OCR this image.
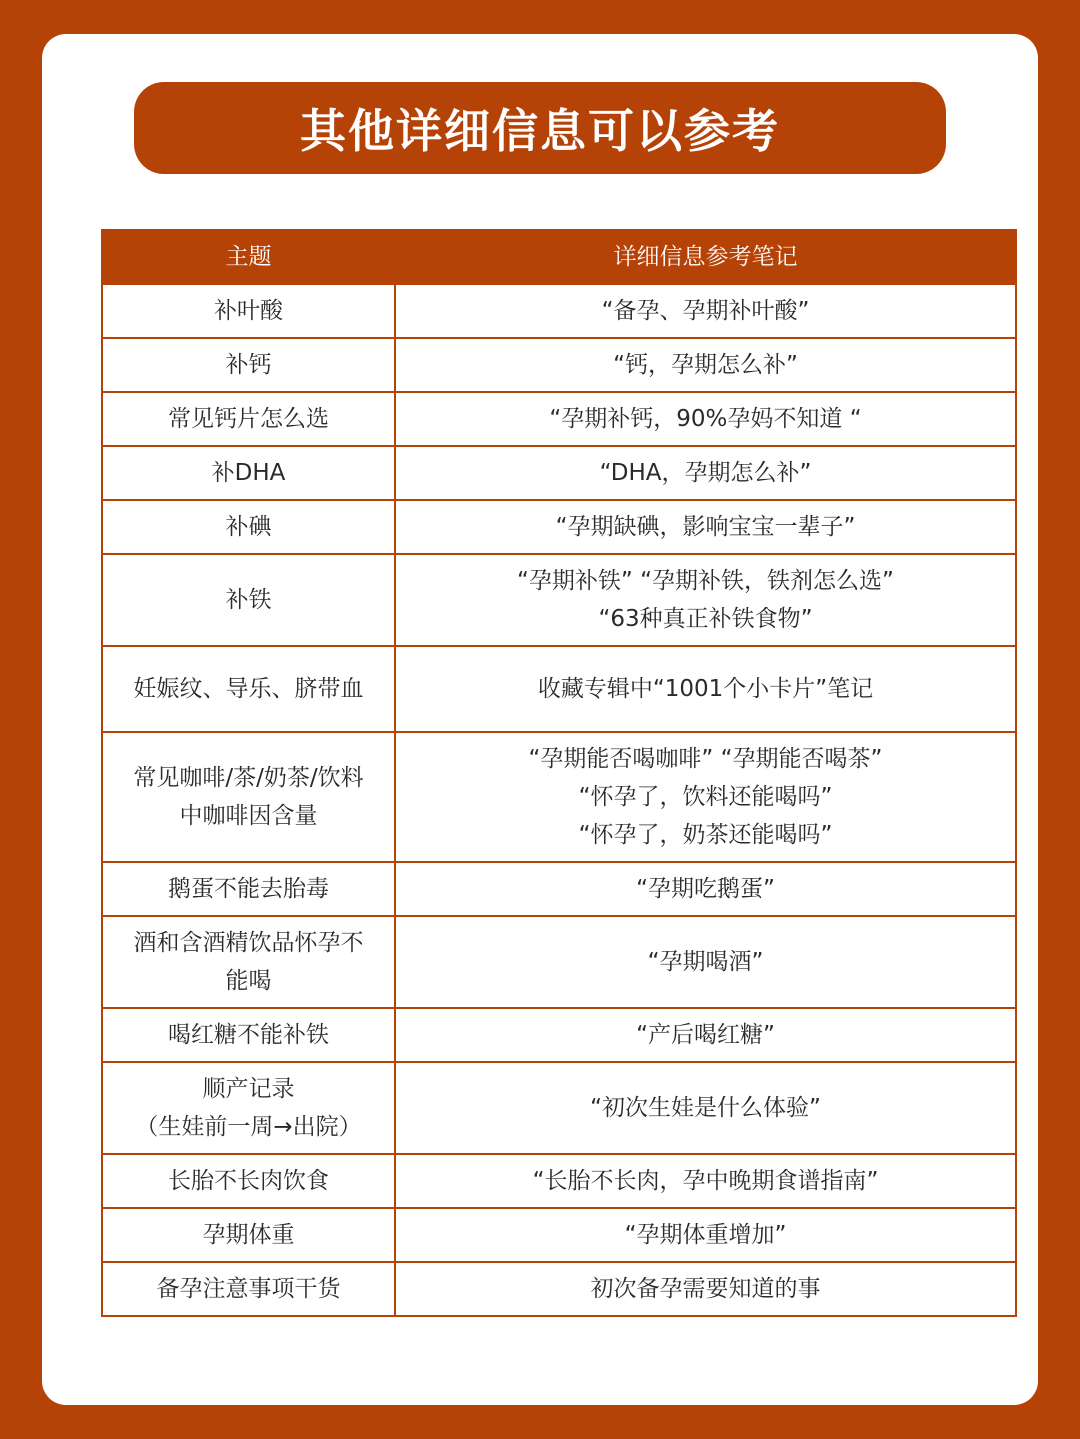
其他详细信息可以参考
主题	详细信息参考笔记

补叶酸	“备孕、孕期补叶酸”

补钙	“钙，孕期怎么补”

常见钙片怎么选	“孕期补钙，90%孕妈不知道 “

补DHA	“DHA，孕期怎么补”

补碘	“孕期缺碘，影响宝宝一辈子”

补铁	“孕期补铁” “孕期补铁，铁剂怎么选”
“63种真正补铁食物”

妊娠纹、导乐、脐带血	收藏专辑中“1001个小卡片”笔记

常见咖啡/茶/奶茶/饮料
中咖啡因含量	“孕期能否喝咖啡” “孕期能否喝茶”
“怀孕了，饮料还能喝吗”
“怀孕了，奶茶还能喝吗”

鹅蛋不能去胎毒	“孕期吃鹅蛋”

酒和含酒精饮品怀孕不
能喝	“孕期喝酒”

喝红糖不能补铁	“产后喝红糖”

顺产记录
（生娃前一周→出院）	“初次生娃是什么体验”

长胎不长肉饮食	“长胎不长肉，孕中晚期食谱指南”

孕期体重	“孕期体重增加”

备孕注意事项干货	初次备孕需要知道的事
